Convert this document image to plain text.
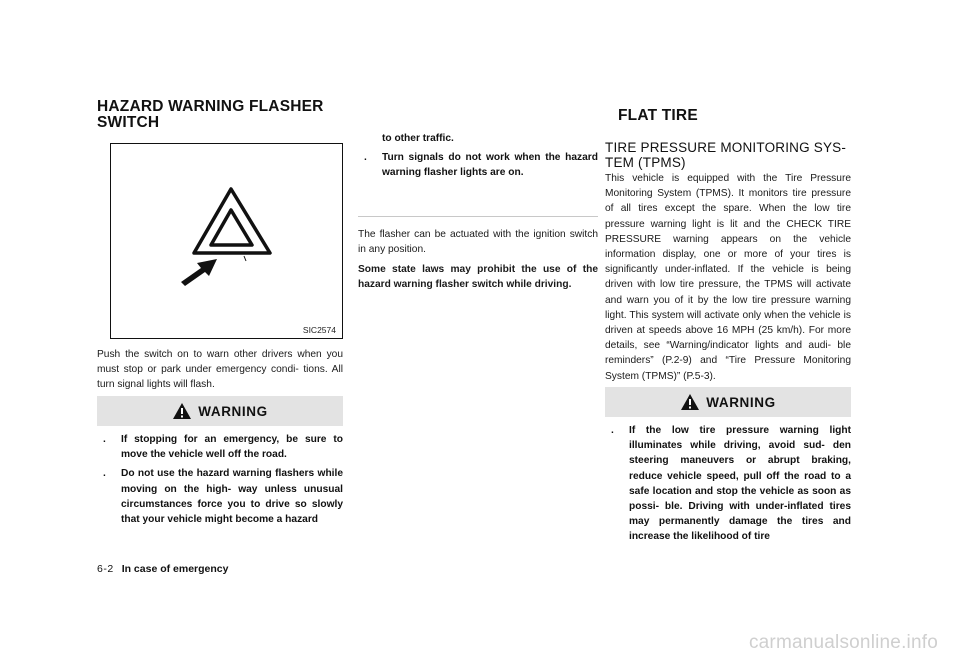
HAZARD WARNING FLASHER SWITCH
SIC2574

Push the switch on to warn other drivers when you must stop or park under emergency condi- tions. All turn signal lights will flash.

WARNING
. If stopping for an emergency, be sure to move the vehicle well off the road.
. Do not use the hazard warning flashers while moving on the high- way unless unusual circumstances force you to drive so slowly that your vehicle might become a hazard
to other traffic.
. Turn signals do not work when the hazard warning flasher lights are on.

The flasher can be actuated with the ignition switch in any position.

Some state laws may prohibit the use of the hazard warning flasher switch while driving.

FLAT TIRE
TIRE PRESSURE MONITORING SYS- TEM (TPMS)

This vehicle is equipped with the Tire Pressure Monitoring System (TPMS). It monitors tire pressure of all tires except the spare. When the low tire pressure warning light is lit and the CHECK TIRE PRESSURE warning appears on the vehicle information display, one or more of your tires is significantly under-inflated. If the vehicle is being driven with low tire pressure, the TPMS will activate and warn you of it by the low tire pressure warning light. This system will activate only when the vehicle is driven at speeds above 16 MPH (25 km/h). For more details, see “Warning/indicator lights and audi- ble reminders” (P.2-9) and “Tire Pressure Monitoring System (TPMS)” (P.5-3).

WARNING
. If the low tire pressure warning light illuminates while driving, avoid sud- den steering maneuvers or abrupt braking, reduce vehicle speed, pull off the road to a safe location and stop the vehicle as soon as possi- ble. Driving with under-inflated tires may permanently damage the tires and increase the likelihood of tire
6-2 In case of emergency
carmanualsonline.info
